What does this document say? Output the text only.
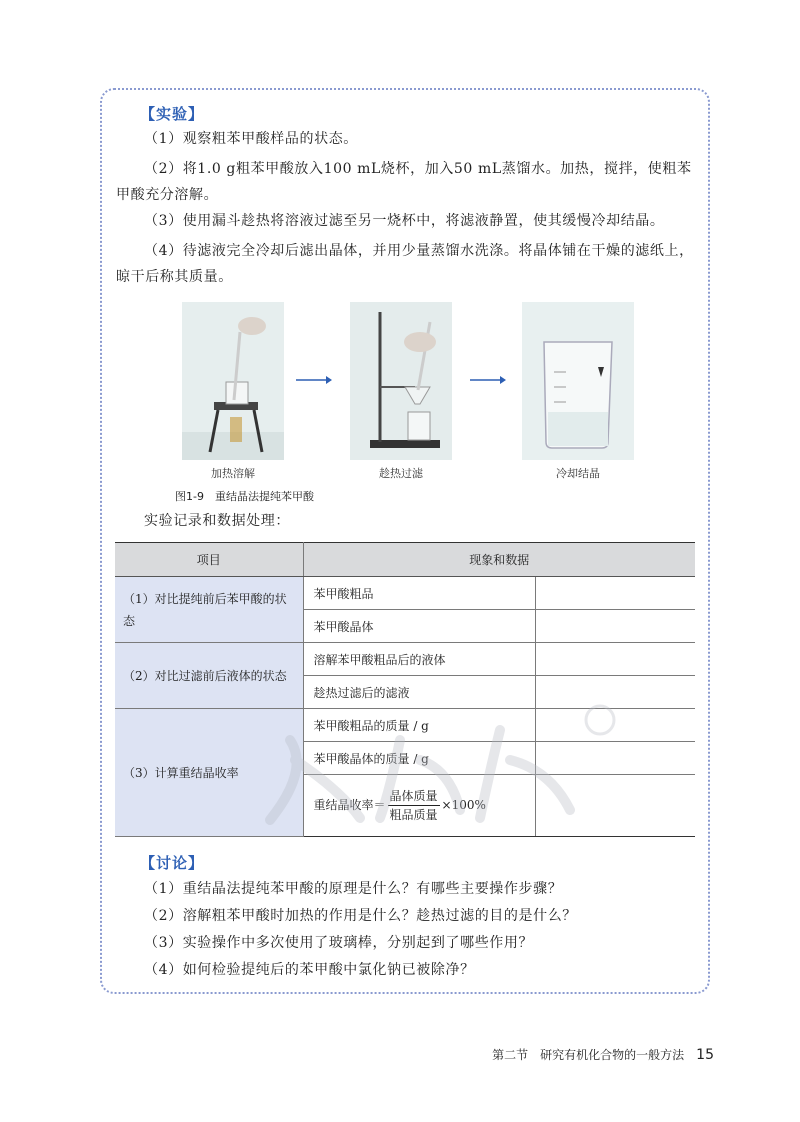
【实验】
（1）观察粗苯甲酸样品的状态。
（2）将1.0 g粗苯甲酸放入100 mL烧杯，加入50 mL蒸馏水。加热，搅拌，使粗苯甲酸充分溶解。
（3）使用漏斗趁热将溶液过滤至另一烧杯中，将滤液静置，使其缓慢冷却结晶。
（4）待滤液完全冷却后滤出晶体，并用少量蒸馏水洗涤。将晶体铺在干燥的滤纸上，晾干后称其质量。
加热溶解	趁热过滤	冷却结晶
图1-9　重结晶法提纯苯甲酸
实验记录和数据处理：
项目	现象和数据	
（1）对比提纯前后苯甲酸的状态	苯甲酸粗品	
	苯甲酸晶体	
（2）对比过滤前后液体的状态	溶解苯甲酸粗品后的液体	
	趁热过滤后的滤液	
（3）计算重结晶收率	苯甲酸粗品的质量 / g	
	苯甲酸晶体的质量 / g	
	重结晶收率＝ $\frac{\text{晶体质量}}{\text{粗品质量}} \times 100\%$	
【讨论】
（1）重结晶法提纯苯甲酸的原理是什么？有哪些主要操作步骤？
（2）溶解粗苯甲酸时加热的作用是什么？趁热过滤的目的是什么？
（3）实验操作中多次使用了玻璃棒，分别起到了哪些作用？
（4）如何检验提纯后的苯甲酸中氯化钠已被除净？
第二节　研究有机化合物的一般方法 15
